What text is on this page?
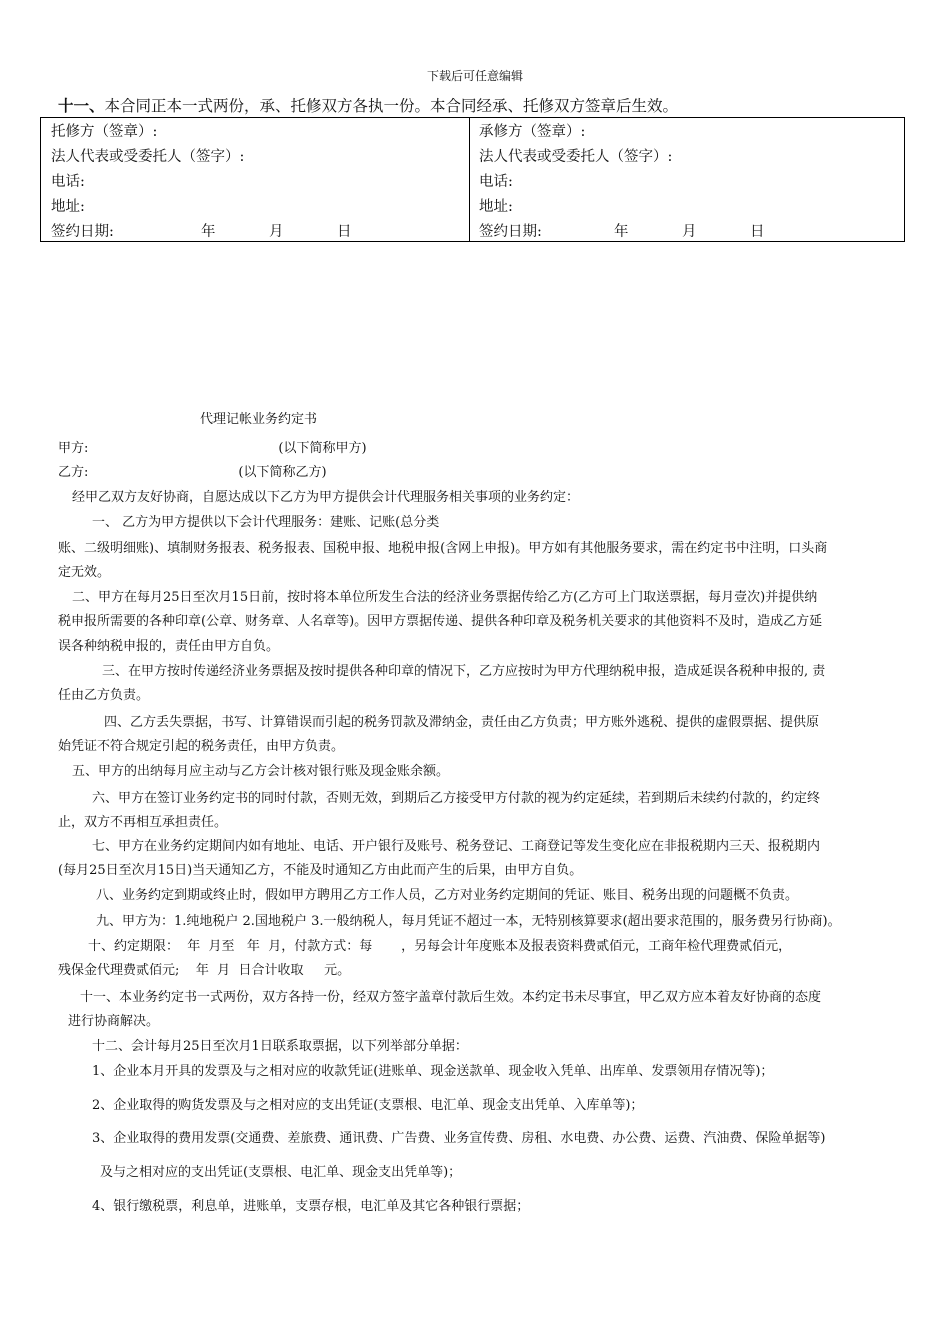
下载后可任意编辑
十一、本合同正本一式两份，承、托修双方各执一份。本合同经承、托修双方签章后生效。
托修方（签章）:
法人代表或受委托人（签字）:
电话:
地址:
签约日期:	年	月	日
承修方（签章）:
法人代表或受委托人（签字）:
电话:
地址:
签约日期:	年	月	日
代理记帐业务约定书
甲方:	(以下简称甲方)
乙方:	(以下简称乙方)
经甲乙双方友好协商，自愿达成以下乙方为甲方提供会计代理服务相关事项的业务约定：
一、 乙方为甲方提供以下会计代理服务：建账、记账(总分类
账、二级明细账)、填制财务报表、税务报表、国税申报、地税申报(含网上申报)。甲方如有其他服务要求，需在约定书中注明，口头商
定无效。
二、甲方在每月25日至次月15日前，按时将本单位所发生合法的经济业务票据传给乙方(乙方可上门取送票据，每月壹次)并提供纳
税申报所需要的各种印章(公章、财务章、人名章等)。因甲方票据传递、提供各种印章及税务机关要求的其他资料不及时，造成乙方延
误各种纳税申报的，责任由甲方自负。
三、在甲方按时传递经济业务票据及按时提供各种印章的情况下，乙方应按时为甲方代理纳税申报，造成延误各税种申报的, 责
任由乙方负责。
四、乙方丢失票据，书写、计算错误而引起的税务罚款及滞纳金，责任由乙方负责；甲方账外逃税、提供的虚假票据、提供原
始凭证不符合规定引起的税务责任，由甲方负责。
五、甲方的出纳每月应主动与乙方会计核对银行账及现金账余额。
六、甲方在签订业务约定书的同时付款，否则无效，到期后乙方接受甲方付款的视为约定延续，若到期后未续约付款的，约定终
止，双方不再相互承担责任。
七、甲方在业务约定期间内如有地址、电话、开户银行及账号、税务登记、工商登记等发生变化应在非报税期内三天、报税期内
(每月25日至次月15日)当天通知乙方，不能及时通知乙方由此而产生的后果，由甲方自负。
八、业务约定到期或终止时，假如甲方聘用乙方工作人员，乙方对业务约定期间的凭证、账目、税务出现的问题概不负责。
九、甲方为：1.纯地税户 2.国地税户 3.一般纳税人，每月凭证不超过一本，无特别核算要求(超出要求范围的，服务费另行协商)。
十、约定期限：  年  月至   年  月，付款方式：每       ，另每会计年度账本及报表资料费贰佰元，工商年检代理费贰佰元，
残保金代理费贰佰元;    年  月  日合计收取     元。
十一、本业务约定书一式两份，双方各持一份，经双方签字盖章付款后生效。本约定书未尽事宜，甲乙双方应本着友好协商的态度
进行协商解决。
十二、会计每月25日至次月1日联系取票据，以下列举部分单据：
1、企业本月开具的发票及与之相对应的收款凭证(进账单、现金送款单、现金收入凭单、出库单、发票领用存情况等)；
2、企业取得的购货发票及与之相对应的支出凭证(支票根、电汇单、现金支出凭单、入库单等)；
3、企业取得的费用发票(交通费、差旅费、通讯费、广告费、业务宣传费、房租、水电费、办公费、运费、汽油费、保险单据等)
及与之相对应的支出凭证(支票根、电汇单、现金支出凭单等)；
4、银行缴税票，利息单，进账单，支票存根，电汇单及其它各种银行票据；
